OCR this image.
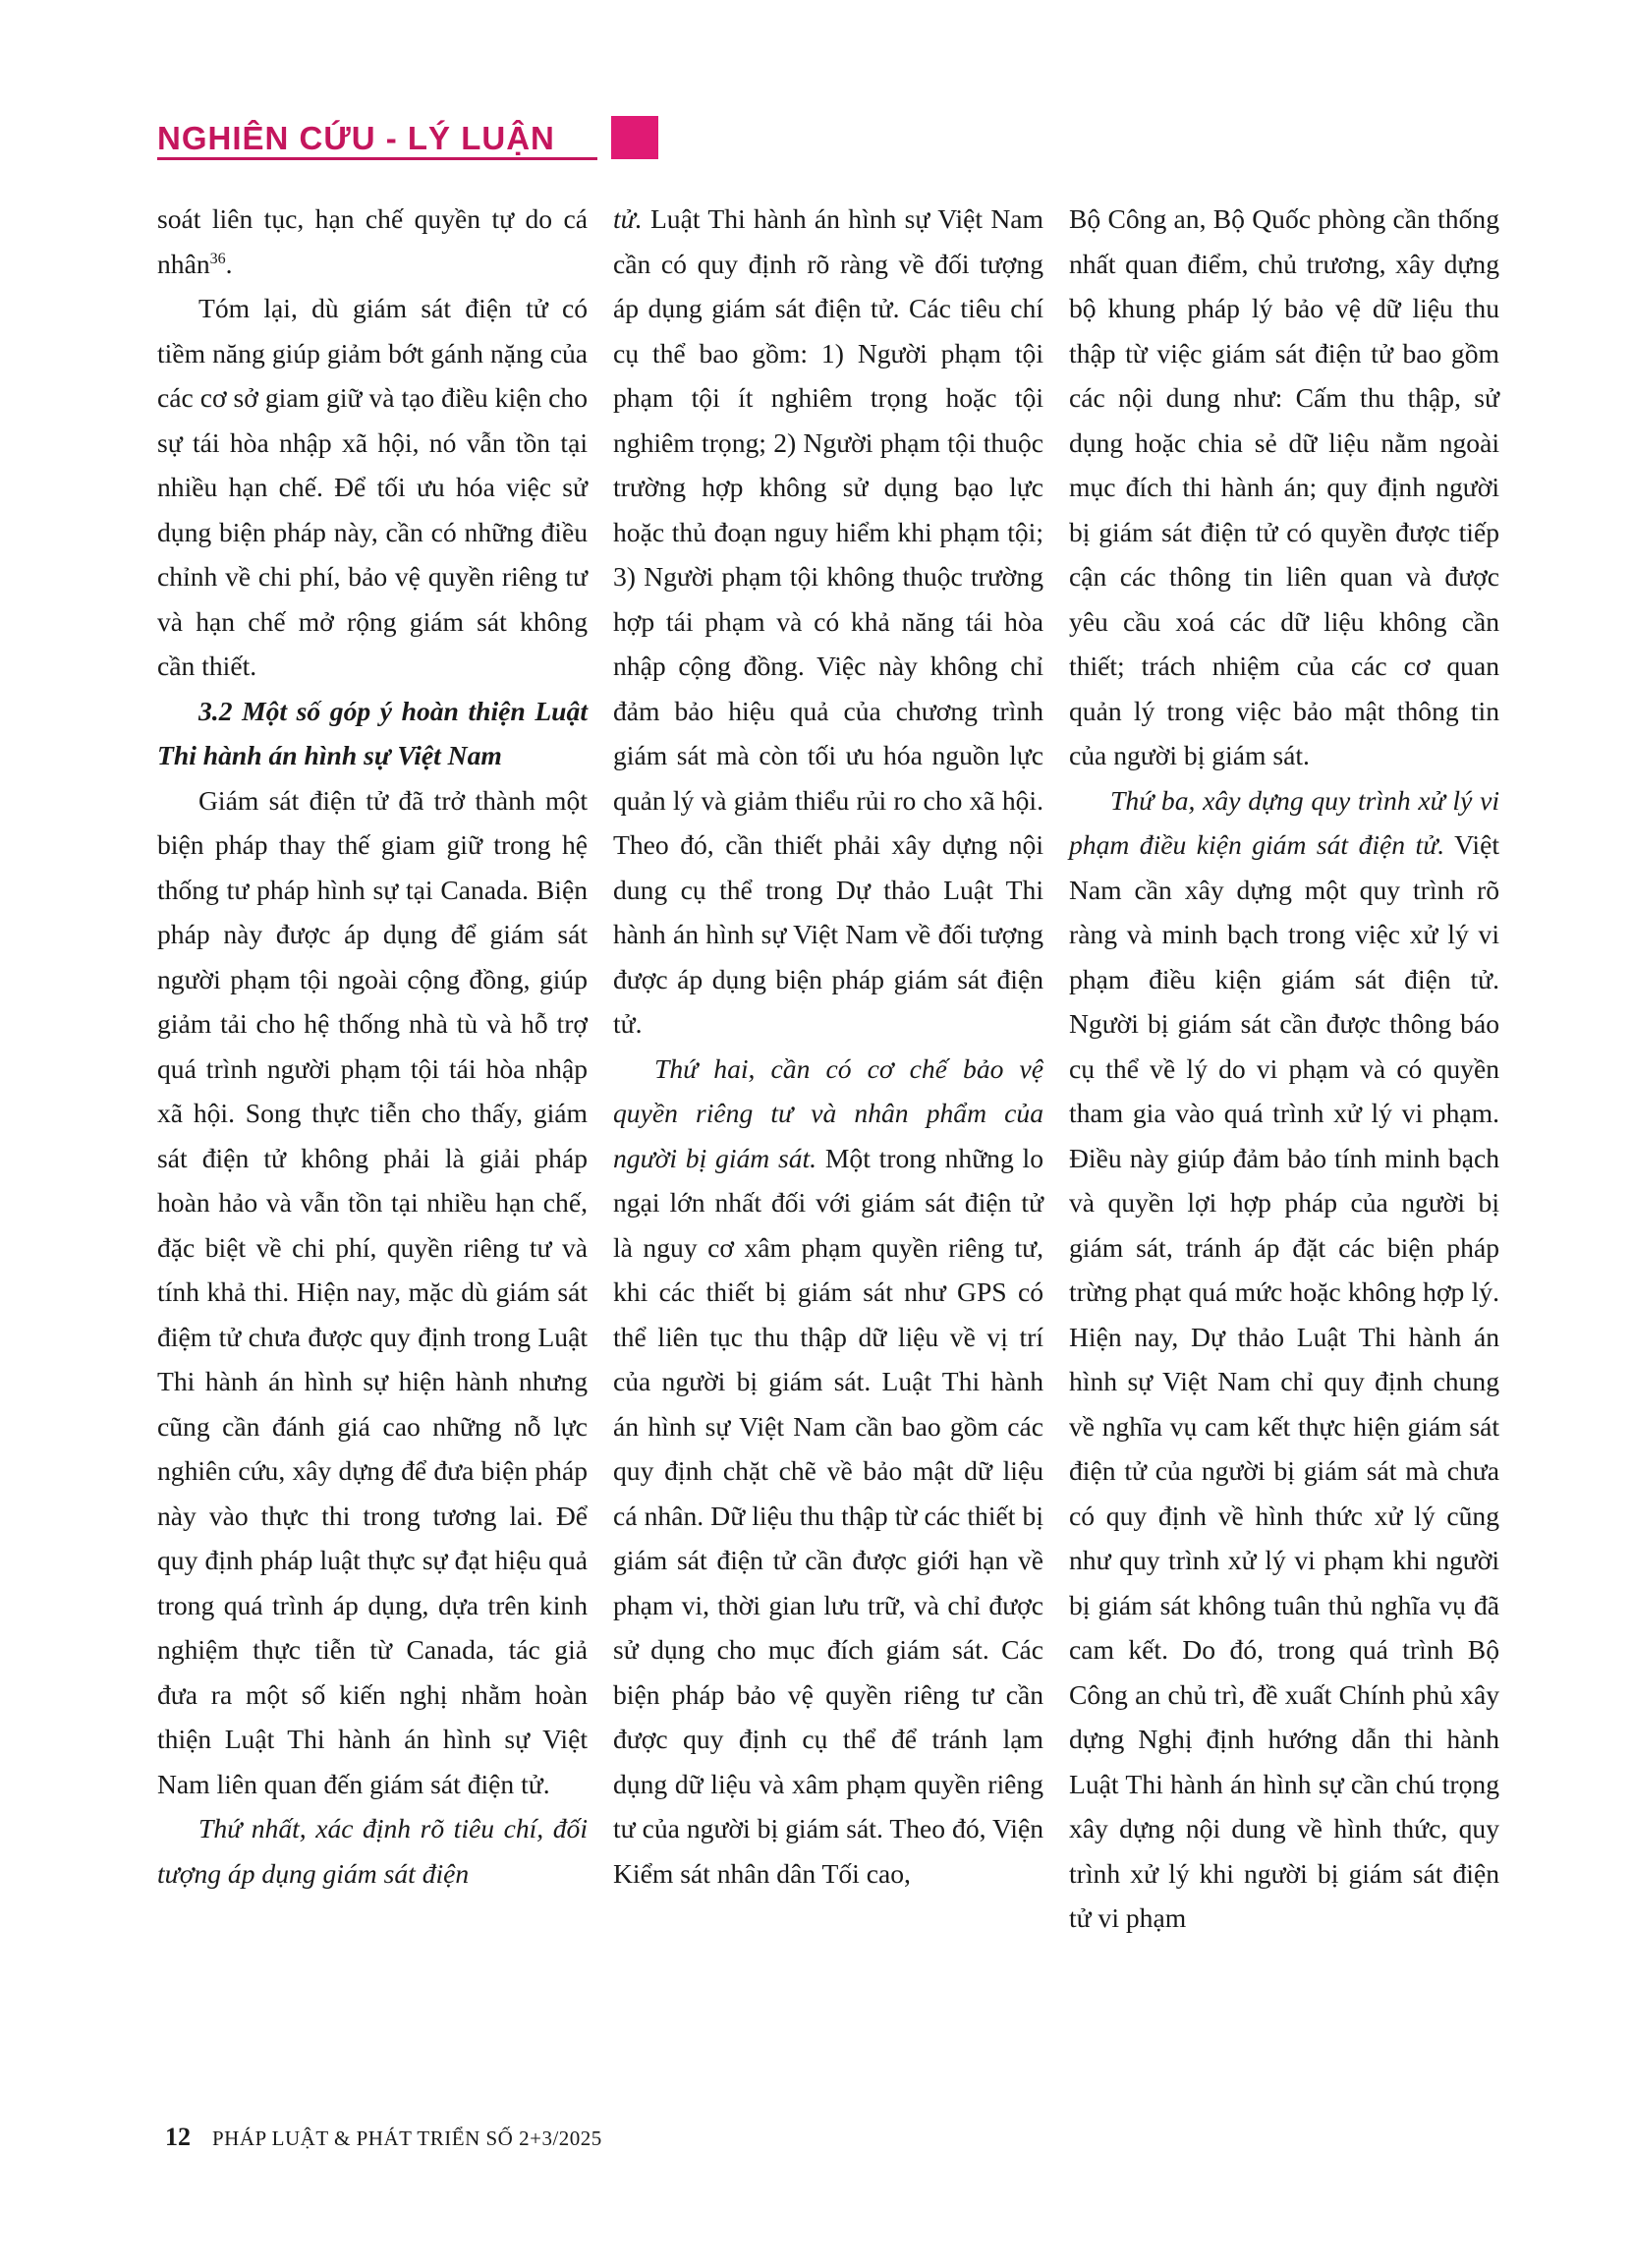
NGHIÊN CỨU - LÝ LUẬN

soát liên tục, hạn chế quyền tự do cá nhân$^{36}$.

Tóm lại, dù giám sát điện tử có tiềm năng giúp giảm bớt gánh nặng của các cơ sở giam giữ và tạo điều kiện cho sự tái hòa nhập xã hội, nó vẫn tồn tại nhiều hạn chế. Để tối ưu hóa việc sử dụng biện pháp này, cần có những điều chỉnh về chi phí, bảo vệ quyền riêng tư và hạn chế mở rộng giám sát không cần thiết.

3.2 Một số góp ý hoàn thiện Luật Thi hành án hình sự Việt Nam

Giám sát điện tử đã trở thành một biện pháp thay thế giam giữ trong hệ thống tư pháp hình sự tại Canada. Biện pháp này được áp dụng để giám sát người phạm tội ngoài cộng đồng, giúp giảm tải cho hệ thống nhà tù và hỗ trợ quá trình người phạm tội tái hòa nhập xã hội. Song thực tiễn cho thấy, giám sát điện tử không phải là giải pháp hoàn hảo và vẫn tồn tại nhiều hạn chế, đặc biệt về chi phí, quyền riêng tư và tính khả thi. Hiện nay, mặc dù giám sát điệm tử chưa được quy định trong Luật Thi hành án hình sự hiện hành nhưng cũng cần đánh giá cao những nỗ lực nghiên cứu, xây dựng để đưa biện pháp này vào thực thi trong tương lai. Để quy định pháp luật thực sự đạt hiệu quả trong quá trình áp dụng, dựa trên kinh nghiệm thực tiễn từ Canada, tác giả đưa ra một số kiến nghị nhằm hoàn thiện Luật Thi hành án hình sự Việt Nam liên quan đến giám sát điện tử.

Thứ nhất, xác định rõ tiêu chí, đối tượng áp dụng giám sát điện

tử. Luật Thi hành án hình sự Việt Nam cần có quy định rõ ràng về đối tượng áp dụng giám sát điện tử. Các tiêu chí cụ thể bao gồm: 1) Người phạm tội phạm tội ít nghiêm trọng hoặc tội nghiêm trọng; 2) Người phạm tội thuộc trường hợp không sử dụng bạo lực hoặc thủ đoạn nguy hiểm khi phạm tội; 3) Người phạm tội không thuộc trường hợp tái phạm và có khả năng tái hòa nhập cộng đồng. Việc này không chỉ đảm bảo hiệu quả của chương trình giám sát mà còn tối ưu hóa nguồn lực quản lý và giảm thiểu rủi ro cho xã hội. Theo đó, cần thiết phải xây dựng nội dung cụ thể trong Dự thảo Luật Thi hành án hình sự Việt Nam về đối tượng được áp dụng biện pháp giám sát điện tử.

Thứ hai, cần có cơ chế bảo vệ quyền riêng tư và nhân phẩm của người bị giám sát. Một trong những lo ngại lớn nhất đối với giám sát điện tử là nguy cơ xâm phạm quyền riêng tư, khi các thiết bị giám sát như GPS có thể liên tục thu thập dữ liệu về vị trí của người bị giám sát. Luật Thi hành án hình sự Việt Nam cần bao gồm các quy định chặt chẽ về bảo mật dữ liệu cá nhân. Dữ liệu thu thập từ các thiết bị giám sát điện tử cần được giới hạn về phạm vi, thời gian lưu trữ, và chỉ được sử dụng cho mục đích giám sát. Các biện pháp bảo vệ quyền riêng tư cần được quy định cụ thể để tránh lạm dụng dữ liệu và xâm phạm quyền riêng tư của người bị giám sát. Theo đó, Viện Kiểm sát nhân dân Tối cao,

Bộ Công an, Bộ Quốc phòng cần thống nhất quan điểm, chủ trương, xây dựng bộ khung pháp lý bảo vệ dữ liệu thu thập từ việc giám sát điện tử bao gồm các nội dung như: Cấm thu thập, sử dụng hoặc chia sẻ dữ liệu nằm ngoài mục đích thi hành án; quy định người bị giám sát điện tử có quyền được tiếp cận các thông tin liên quan và được yêu cầu xoá các dữ liệu không cần thiết; trách nhiệm của các cơ quan quản lý trong việc bảo mật thông tin của người bị giám sát.

Thứ ba, xây dựng quy trình xử lý vi phạm điều kiện giám sát điện tử. Việt Nam cần xây dựng một quy trình rõ ràng và minh bạch trong việc xử lý vi phạm điều kiện giám sát điện tử. Người bị giám sát cần được thông báo cụ thể về lý do vi phạm và có quyền tham gia vào quá trình xử lý vi phạm. Điều này giúp đảm bảo tính minh bạch và quyền lợi hợp pháp của người bị giám sát, tránh áp đặt các biện pháp trừng phạt quá mức hoặc không hợp lý. Hiện nay, Dự thảo Luật Thi hành án hình sự Việt Nam chỉ quy định chung về nghĩa vụ cam kết thực hiện giám sát điện tử của người bị giám sát mà chưa có quy định về hình thức xử lý cũng như quy trình xử lý vi phạm khi người bị giám sát không tuân thủ nghĩa vụ đã cam kết. Do đó, trong quá trình Bộ Công an chủ trì, đề xuất Chính phủ xây dựng Nghị định hướng dẫn thi hành Luật Thi hành án hình sự cần chú trọng xây dựng nội dung về hình thức, quy trình xử lý khi người bị giám sát điện tử vi phạm

12 PHÁP LUẬT & PHÁT TRIỂN SỐ 2+3/2025
